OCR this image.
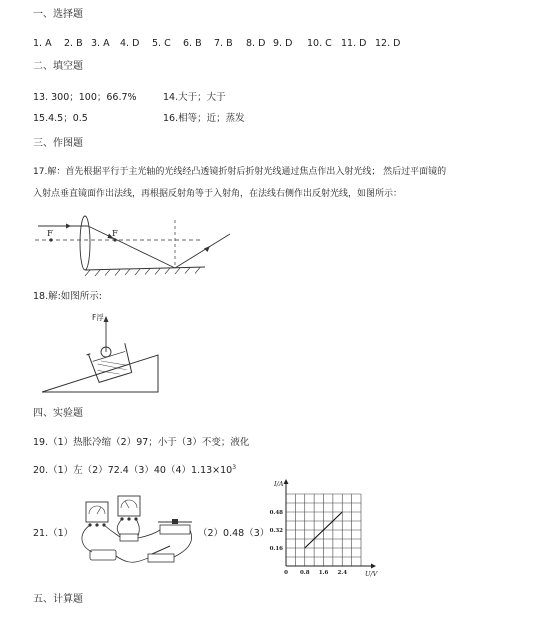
一、选择题
1. A 2. B 3. A 4. D 5. C 6. B 7. B 8. D 9. D 10. C 11. D 12. D
二、填空题
13. 300；100；66.7%	14.大于；大于
15.4.5；0.5	16.相等；近；蒸发
三、作图题
17.解：首先根据平行于主光轴的光线经凸透镜折射后折射光线通过焦点作出入射光线； 然后过平面镜的
入射点垂直镜面作出法线，再根据反射角等于入射角，在法线右侧作出反射光线，如图所示：
F	F
18.解:如图所示:
F浮
四、实验题
19.（1）热胀冷缩（2）97；小于（3）不变；液化
20.（1）左$(2)72.4(3)40(4)1.13\times 10^3$
21.（1）	（2）0.48（3）
I/A
U/V
0 0.8 1.6 2.4
0.16
0.32
0.48
五、计算题
